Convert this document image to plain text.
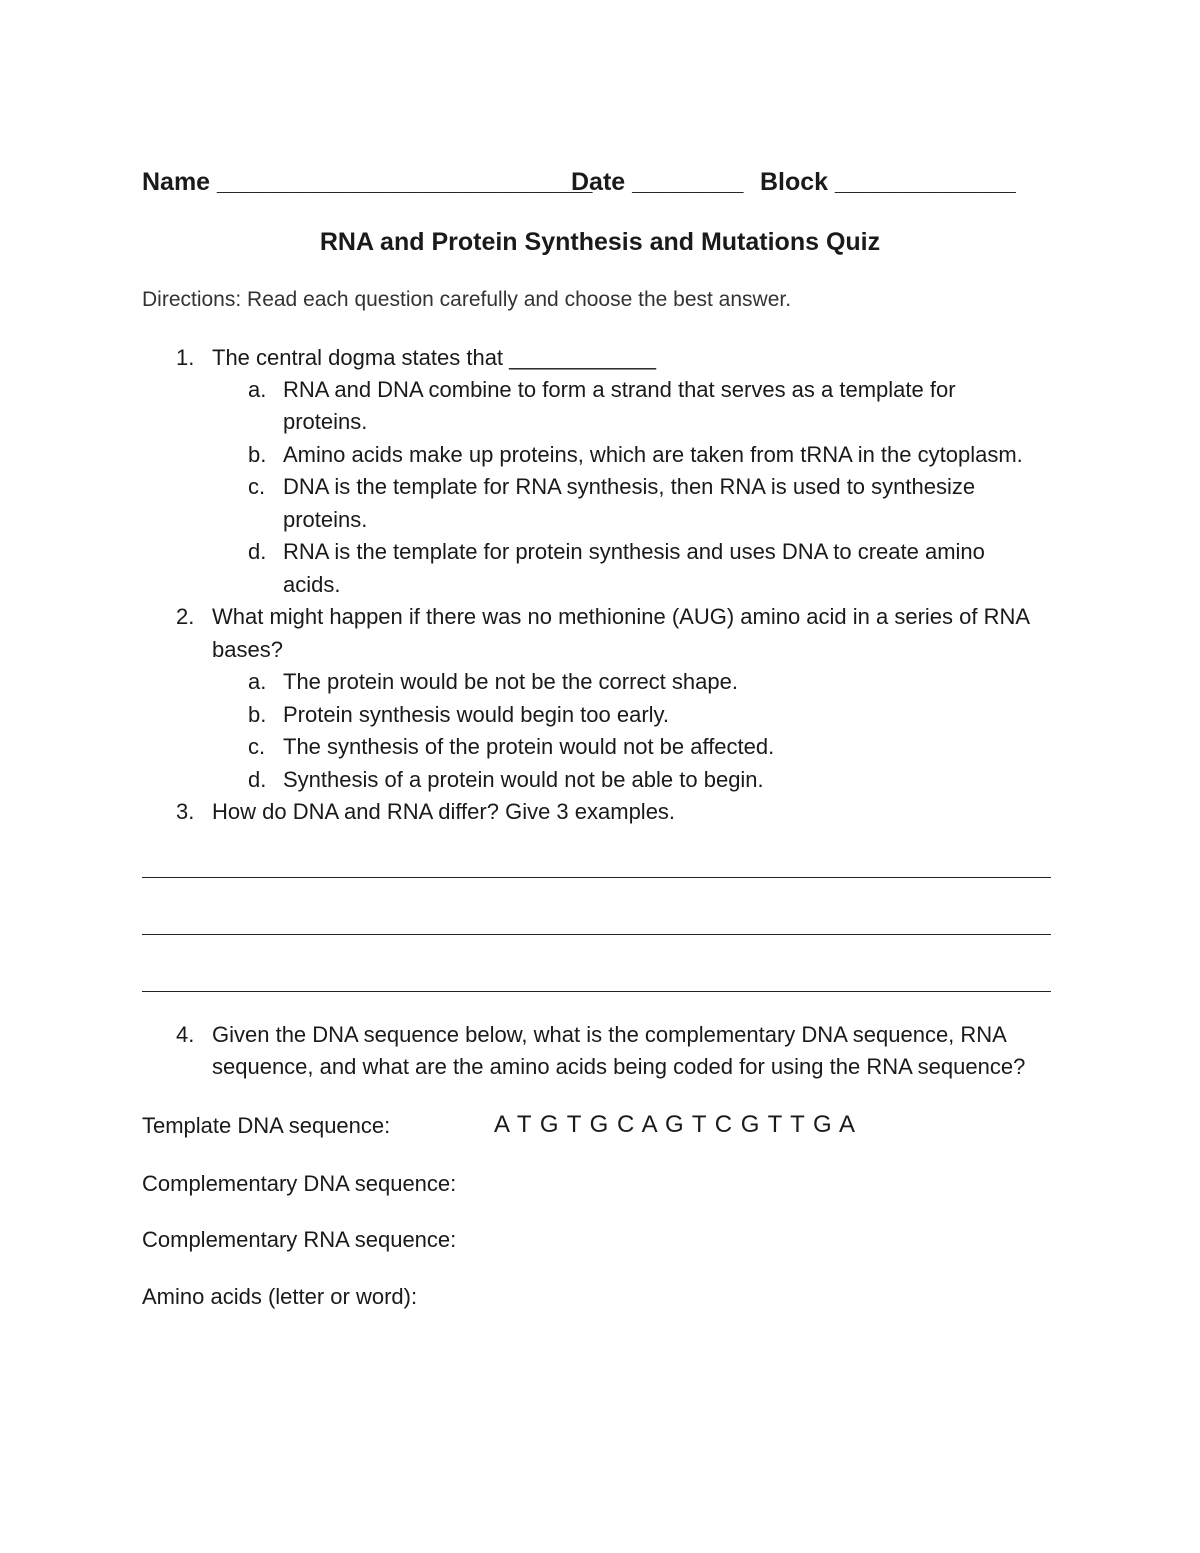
Name ___________________________
Date ________ Block _____________
RNA and Protein Synthesis and Mutations Quiz
Directions: Read each question carefully and choose the best answer.
1. The central dogma states that ____________
a. RNA and DNA combine to form a strand that serves as a template for
proteins.
b. Amino acids make up proteins, which are taken from tRNA in the cytoplasm.
c. DNA is the template for RNA synthesis, then RNA is used to synthesize
proteins.
d. RNA is the template for protein synthesis and uses DNA to create amino
acids.
2. What might happen if there was no methionine (AUG) amino acid in a series of RNA
bases?
a. The protein would be not be the correct shape.
b. Protein synthesis would begin too early.
c. The synthesis of the protein would not be affected.
d. Synthesis of a protein would not be able to begin.
3. How do DNA and RNA differ? Give 3 examples.
4. Given the DNA sequence below, what is the complementary DNA sequence, RNA
sequence, and what are the amino acids being coded for using the RNA sequence?
Template DNA sequence:	A T G T G C A G T C G T T G A
Complementary DNA sequence:
Complementary RNA sequence:
Amino acids (letter or word):
